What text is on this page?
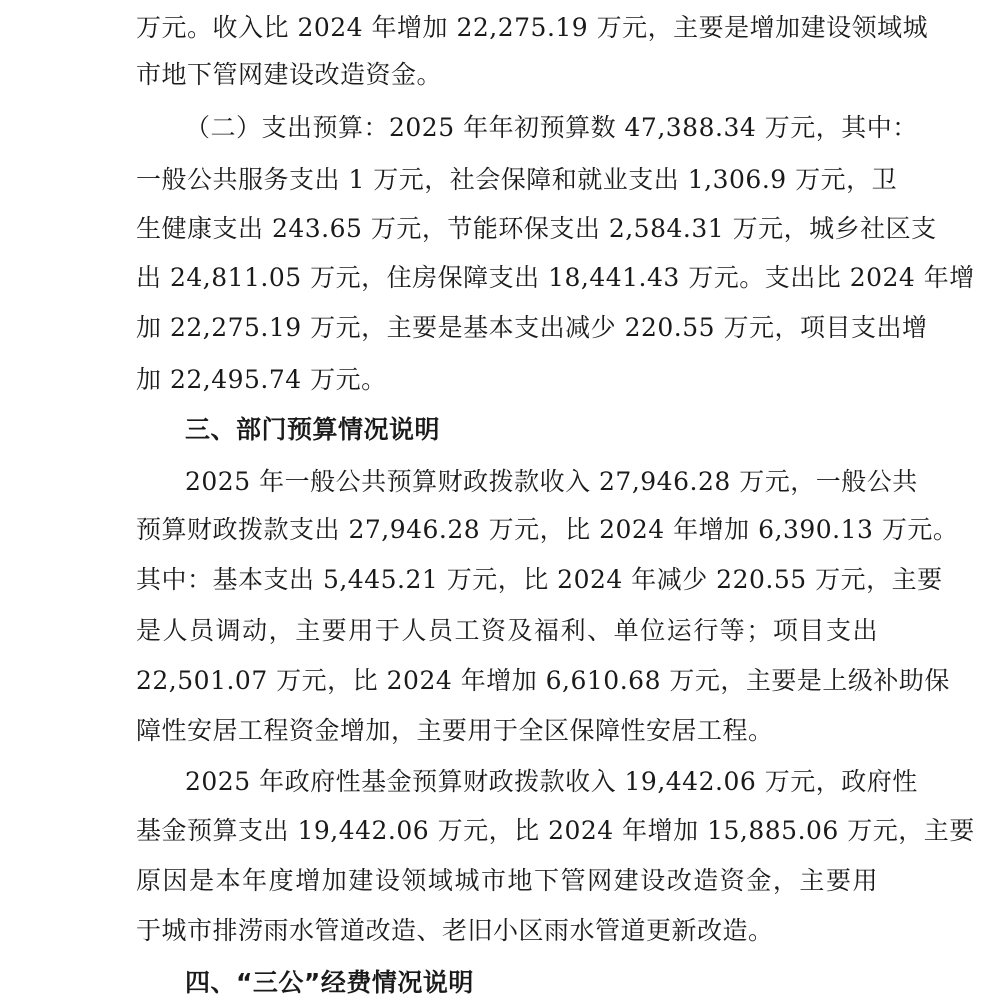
万元。收入比 2024 年增加 22,275.19 万元，主要是增加建设领域城
市地下管网建设改造资金。
（二）支出预算：2025 年年初预算数 47,388.34 万元，其中：
一般公共服务支出 1 万元，社会保障和就业支出 1,306.9 万元，卫
生健康支出 243.65 万元，节能环保支出 2,584.31 万元，城乡社区支
出 24,811.05 万元，住房保障支出 18,441.43 万元。支出比 2024 年增
加 22,275.19 万元，主要是基本支出减少 220.55 万元，项目支出增
加 22,495.74 万元。
三、部门预算情况说明
2025 年一般公共预算财政拨款收入 27,946.28 万元，一般公共
预算财政拨款支出 27,946.28 万元，比 2024 年增加 6,390.13 万元。
其中：基本支出 5,445.21 万元，比 2024 年减少 220.55 万元，主要
是人员调动，主要用于人员工资及福利、单位运行等；项目支出
22,501.07 万元，比 2024 年增加 6,610.68 万元，主要是上级补助保
障性安居工程资金增加，主要用于全区保障性安居工程。
2025 年政府性基金预算财政拨款收入 19,442.06 万元，政府性
基金预算支出 19,442.06 万元，比 2024 年增加 15,885.06 万元，主要
原因是本年度增加建设领域城市地下管网建设改造资金，主要用
于城市排涝雨水管道改造、老旧小区雨水管道更新改造。
四、“三公”经费情况说明
